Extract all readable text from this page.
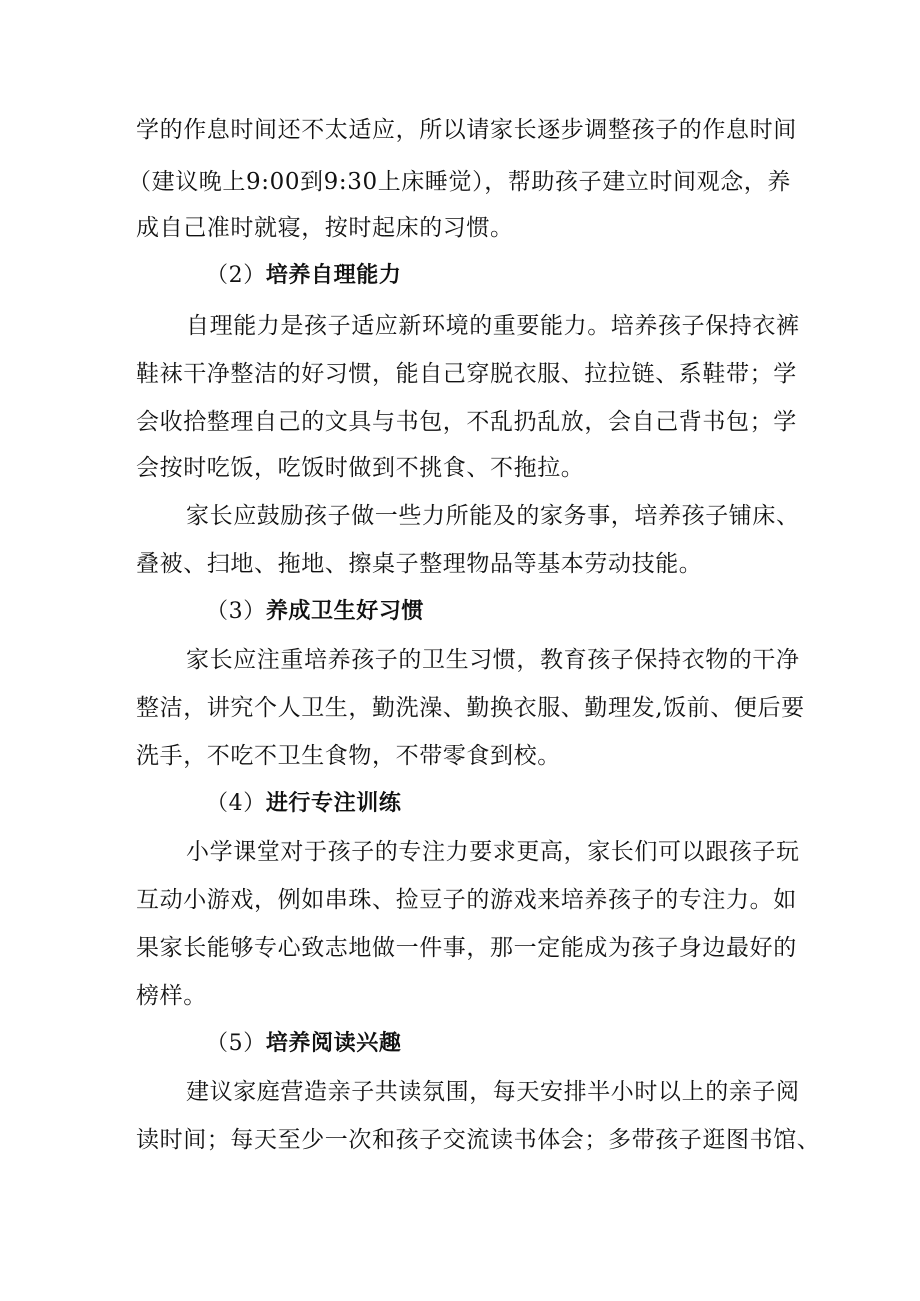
学的作息时间还不太适应，所以请家长逐步调整孩子的作息时间
（建议晚上9:00到9:30上床睡觉），帮助孩子建立时间观念，养
成自己准时就寝，按时起床的习惯。
（2）培养自理能力
自理能力是孩子适应新环境的重要能力。培养孩子保持衣裤
鞋袜干净整洁的好习惯，能自己穿脱衣服、拉拉链、系鞋带；学
会收拾整理自己的文具与书包，不乱扔乱放，会自己背书包；学
会按时吃饭，吃饭时做到不挑食、不拖拉。
家长应鼓励孩子做一些力所能及的家务事，培养孩子铺床、
叠被、扫地、拖地、擦桌子整理物品等基本劳动技能。
（3）养成卫生好习惯
家长应注重培养孩子的卫生习惯，教育孩子保持衣物的干净
整洁，讲究个人卫生，勤洗澡、勤换衣服、勤理发,饭前、便后要
洗手，不吃不卫生食物，不带零食到校。
（4）进行专注训练
小学课堂对于孩子的专注力要求更高，家长们可以跟孩子玩
互动小游戏，例如串珠、捡豆子的游戏来培养孩子的专注力。如
果家长能够专心致志地做一件事，那一定能成为孩子身边最好的
榜样。
（5）培养阅读兴趣
建议家庭营造亲子共读氛围，每天安排半小时以上的亲子阅
读时间；每天至少一次和孩子交流读书体会；多带孩子逛图书馆、
